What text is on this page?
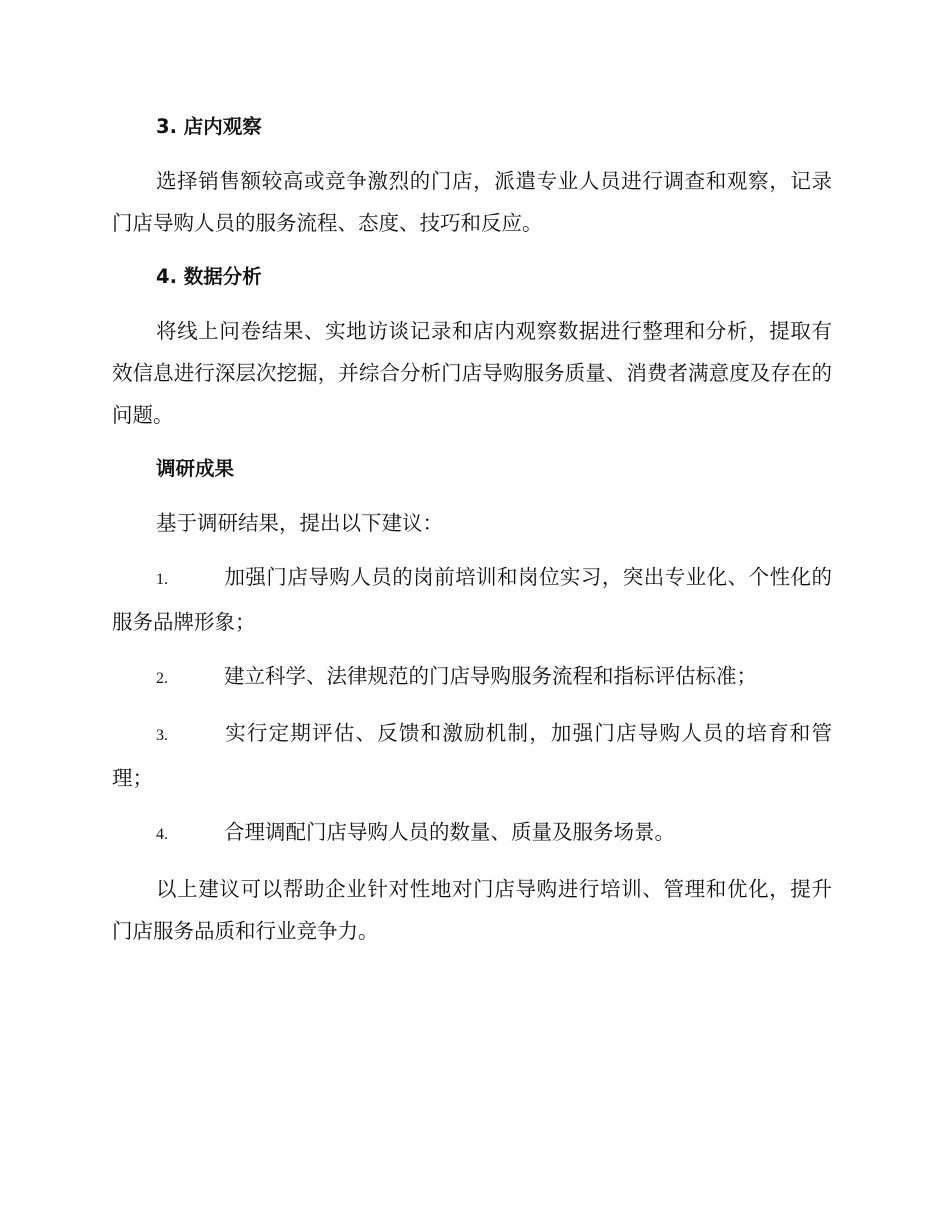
3. 店内观察

选择销售额较高或竞争激烈的门店，派遣专业人员进行调查和观察，记录门店导购人员的服务流程、态度、技巧和反应。

4. 数据分析

将线上问卷结果、实地访谈记录和店内观察数据进行整理和分析，提取有效信息进行深层次挖掘，并综合分析门店导购服务质量、消费者满意度及存在的问题。

调研成果

基于调研结果，提出以下建议：

1.	加强门店导购人员的岗前培训和岗位实习，突出专业化、个性化的服务品牌形象；

2.	建立科学、法律规范的门店导购服务流程和指标评估标准；

3.	实行定期评估、反馈和激励机制，加强门店导购人员的培育和管理；

4.	合理调配门店导购人员的数量、质量及服务场景。

以上建议可以帮助企业针对性地对门店导购进行培训、管理和优化，提升门店服务品质和行业竞争力。
